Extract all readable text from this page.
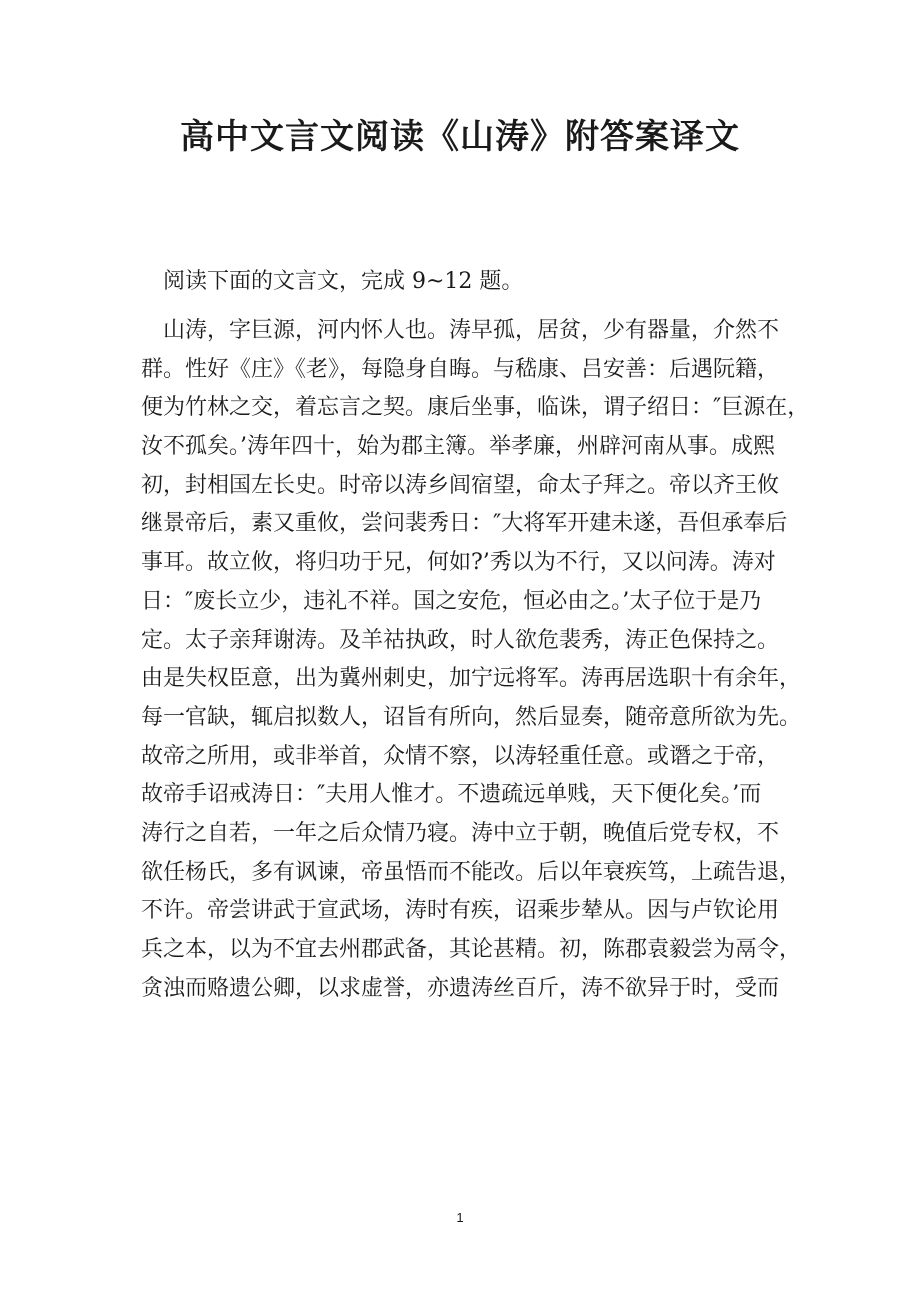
高中文言文阅读《山涛》附答案译文

阅读下面的文言文，完成 9~12 题。

山涛，字巨源，河内怀人也。涛早孤，居贫，少有器量，介然不
群。性好《庄》《老》，每隐身自晦。与嵇康、吕安善：后遇阮籍，
便为竹林之交，着忘言之契。康后坐事，临诛，谓子绍日：″巨源在，
汝不孤矣。’涛年四十，始为郡主簿。举孝廉，州辟河南从事。成熙
初，封相国左长史。时帝以涛乡闾宿望，命太子拜之。帝以齐王攸
继景帝后，素又重攸，尝问裴秀日：″大将军开建未遂，吾但承奉后
事耳。故立攸，将归功于兄，何如?’秀以为不行，又以问涛。涛对
日：″废长立少，违礼不祥。国之安危，恒必由之。’太子位于是乃
定。太子亲拜谢涛。及羊祜执政，时人欲危裴秀，涛正色保持之。
由是失权臣意，出为冀州刺史，加宁远将军。涛再居选职十有余年，
每一官缺，辄启拟数人，诏旨有所向，然后显奏，随帝意所欲为先。
故帝之所用，或非举首，众情不察，以涛轻重任意。或谮之于帝，
故帝手诏戒涛日：″夫用人惟才。不遗疏远单贱，天下便化矣。’而
涛行之自若，一年之后众情乃寝。涛中立于朝，晚值后党专权，不
欲任杨氏，多有讽谏，帝虽悟而不能改。后以年衰疾笃，上疏告退，
不许。帝尝讲武于宣武场，涛时有疾，诏乘步辇从。因与卢钦论用
兵之本，以为不宜去州郡武备，其论甚精。初，陈郡袁毅尝为鬲令，
贪浊而赂遗公卿，以求虚誉，亦遗涛丝百斤，涛不欲异于时，受而
1
